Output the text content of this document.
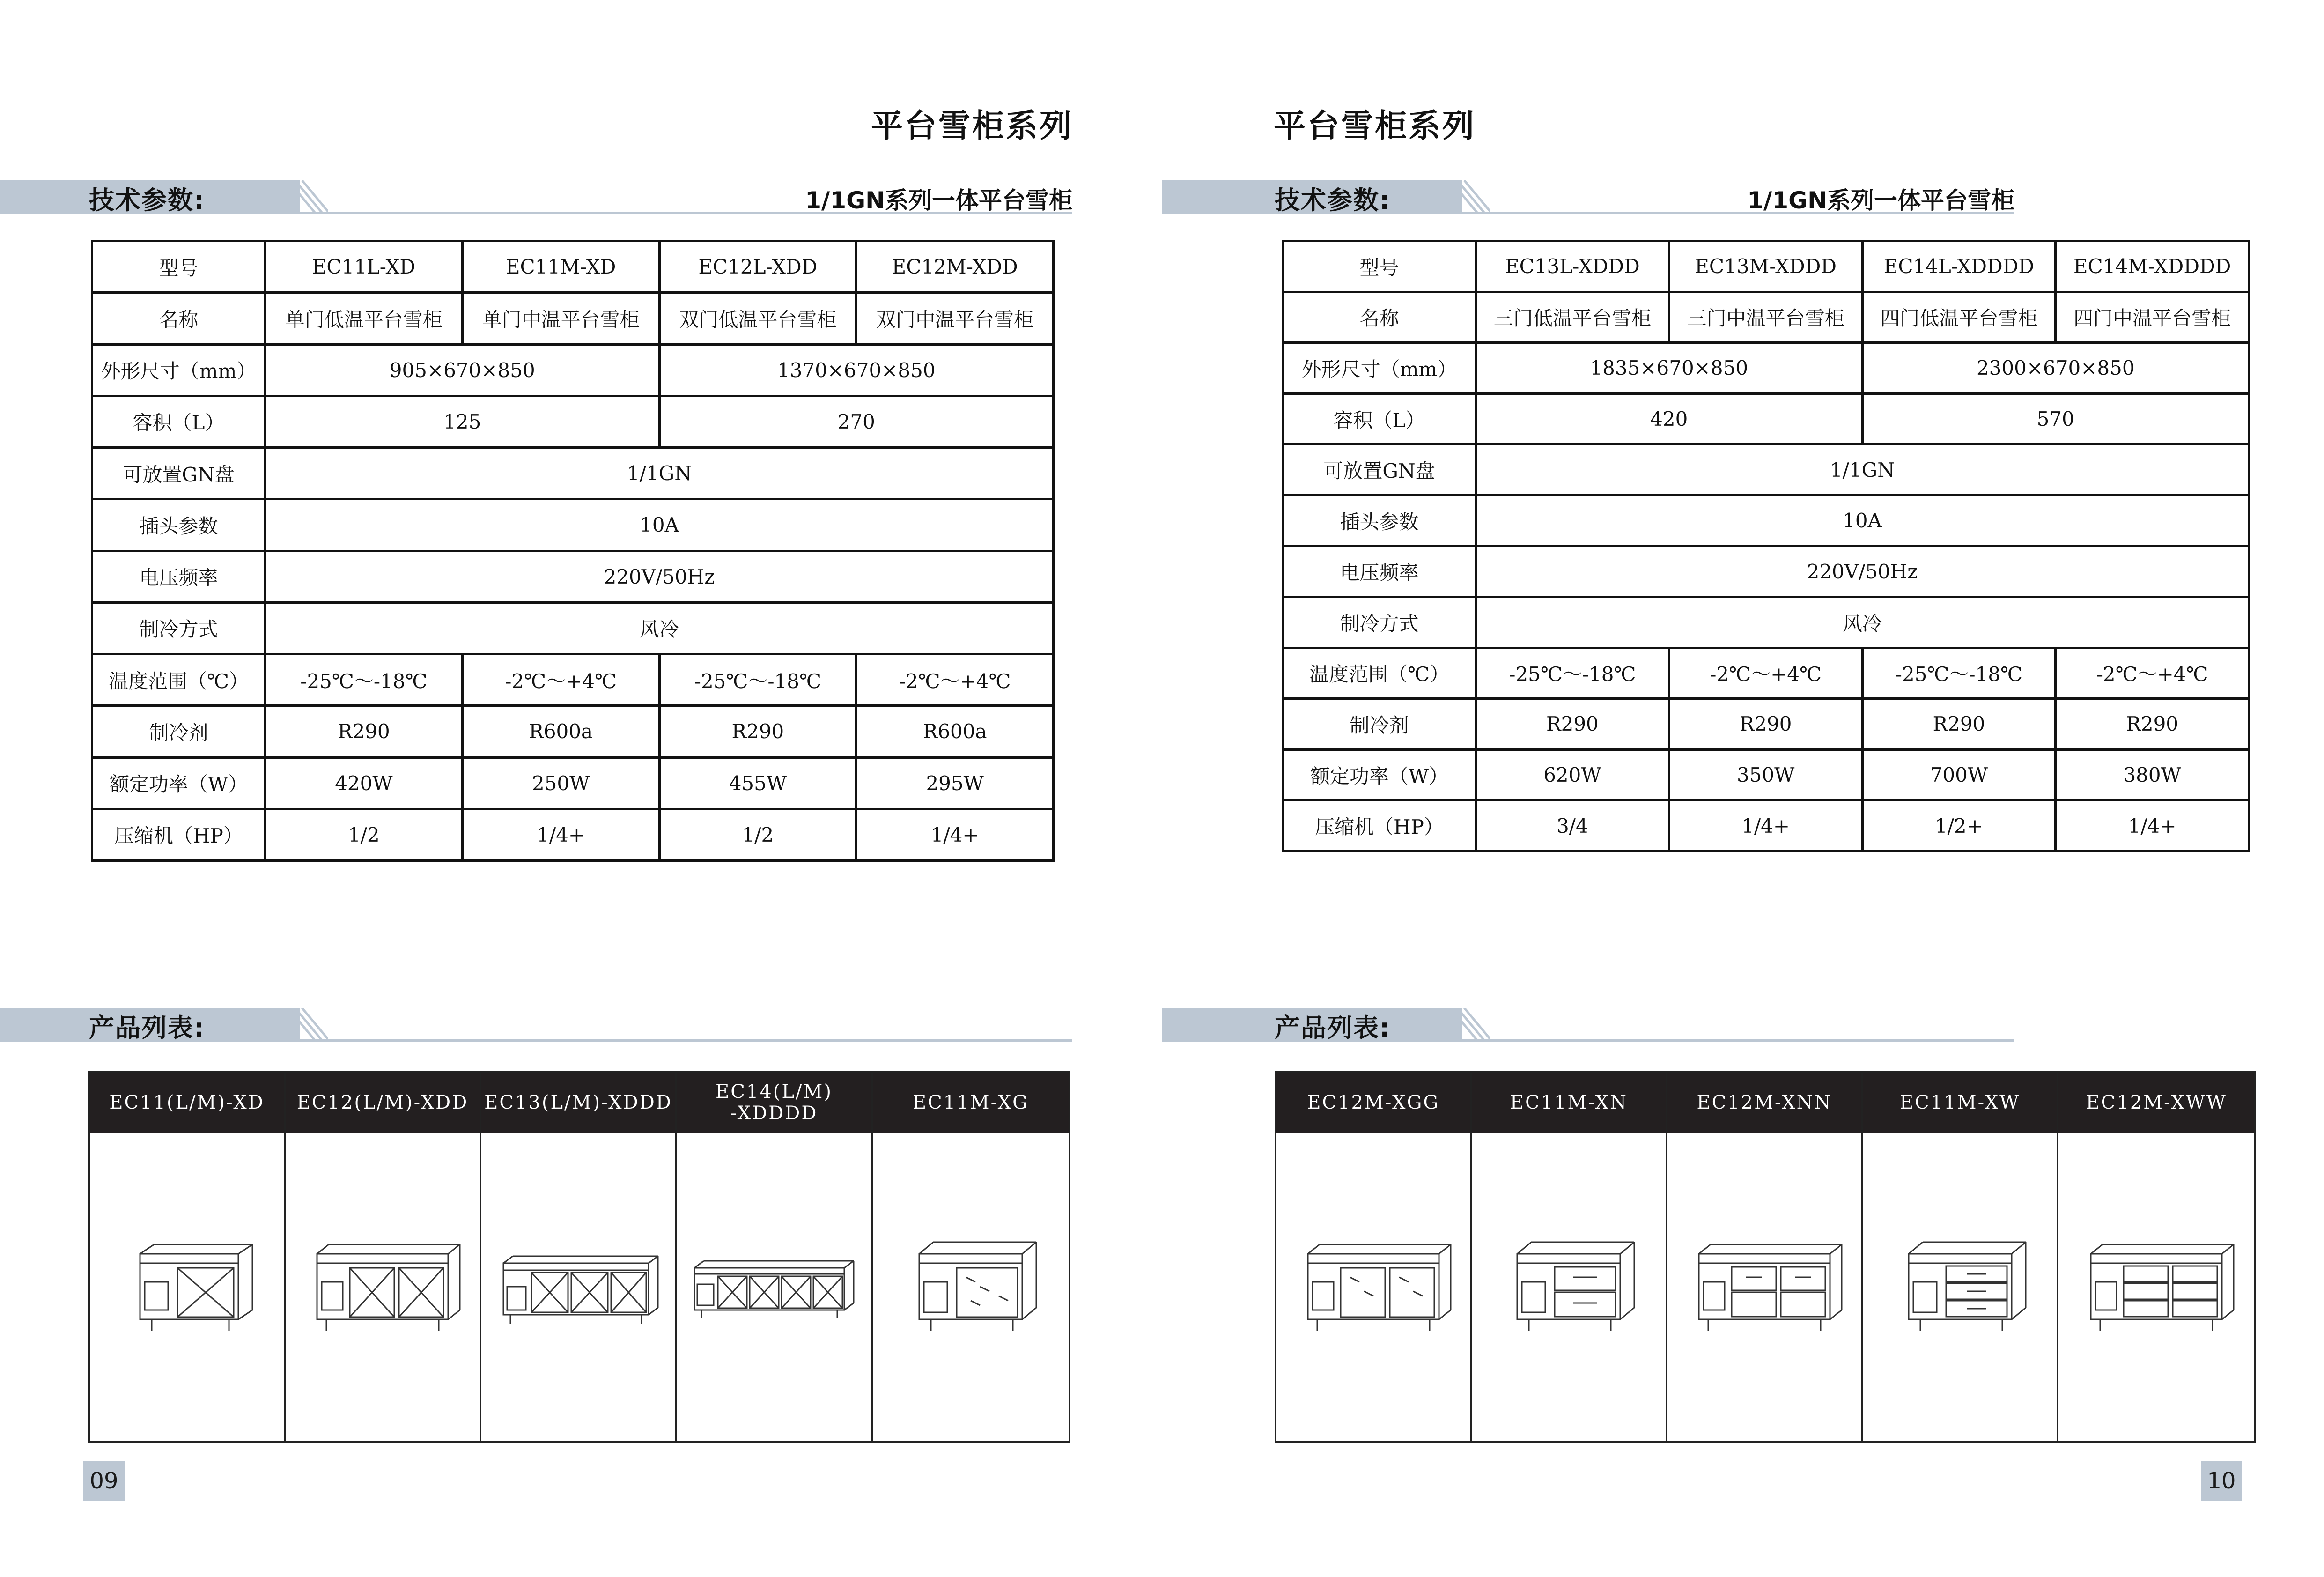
平台雪柜系列
技术参数:	1/1GN系列一体平台雪柜
型号	EC11L-XD	EC11M-XD	EC12L-XDD	EC12M-XDD
名称	单门低温平台雪柜	单门中温平台雪柜	双门低温平台雪柜	双门中温平台雪柜
外形尺寸（mm）	905×670×850		1370×670×850	
容积（L）	125		270	
可放置GN盘	1/1GN			
插头参数	10A			
电压频率	220V/50Hz			
制冷方式	风冷			
温度范围（℃）	-25℃～-18℃	-2℃～+4℃	-25℃～-18℃	-2℃～+4℃
制冷剂	R290	R600a	R290	R600a
额定功率（W）	420W	250W	455W	295W
压缩机（HP）	1/2	1/4+	1/2	1/4+
产品列表:
EC11(L/M)-XD	EC12(L/M)-XDD EC13(L/M)-XDDD	EC14(L/M)
-XDDDD	EC11M-XG
09
平台雪柜系列
技术参数:	1/1GN系列一体平台雪柜
型号	EC13L-XDDD	EC13M-XDDD	EC14L-XDDDD	EC14M-XDDDD
名称	三门低温平台雪柜	三门中温平台雪柜	四门低温平台雪柜	四门中温平台雪柜
外形尺寸（mm）	1835×670×850		2300×670×850	
容积（L）	420		570	
可放置GN盘	1/1GN			
插头参数	10A			
电压频率	220V/50Hz			
制冷方式	风冷			
温度范围（℃）	-25℃～-18℃	-2℃～+4℃	-25℃～-18℃	-2℃～+4℃
制冷剂	R290	R290	R290	R290
额定功率（W）	620W	350W	700W	380W
压缩机（HP）	3/4	1/4+	1/2+	1/4+
产品列表:
EC12M-XGG	EC11M-XN	EC12M-XNN	EC11M-XW	EC12M-XWW
10
